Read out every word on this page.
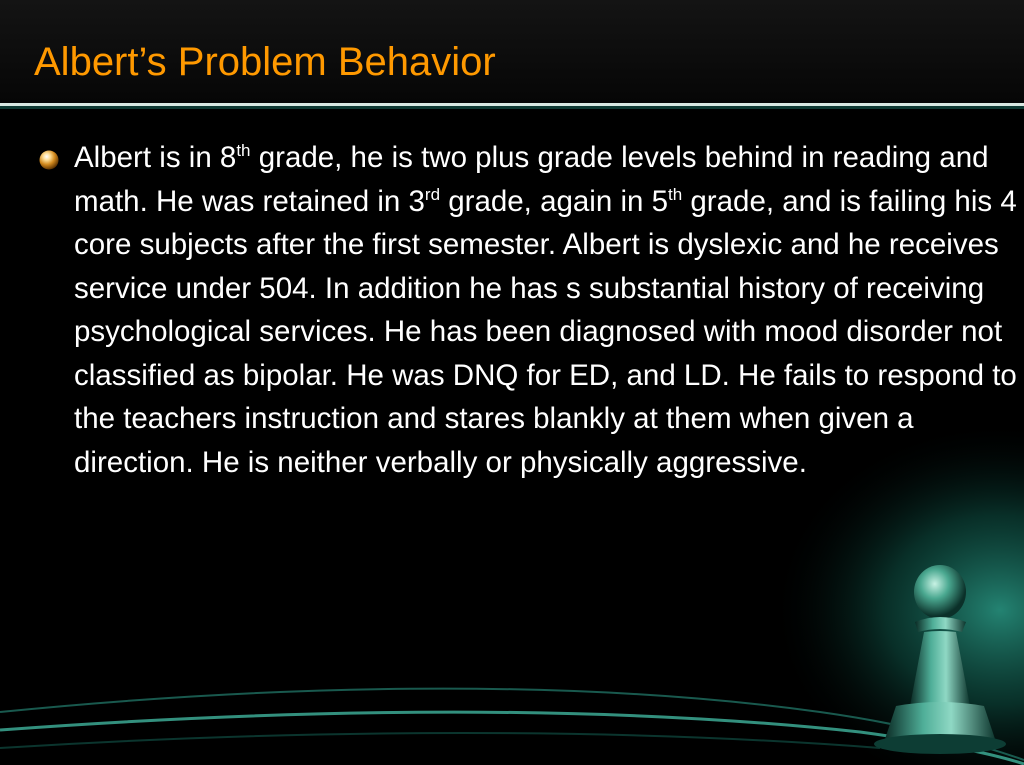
Albert’s Problem Behavior

Albert is in 8th grade, he is two plus grade levels behind in reading and math. He was retained in 3rd grade, again in 5th grade, and is failing his 4 core subjects after the first semester. Albert is dyslexic and he receives service under 504. In addition he has s substantial history of receiving psychological services. He has been diagnosed with mood disorder not classified as bipolar. He was DNQ for ED, and LD. He fails to respond to the teachers instruction and stares blankly at them when given a direction. He is neither verbally or physically aggressive.
